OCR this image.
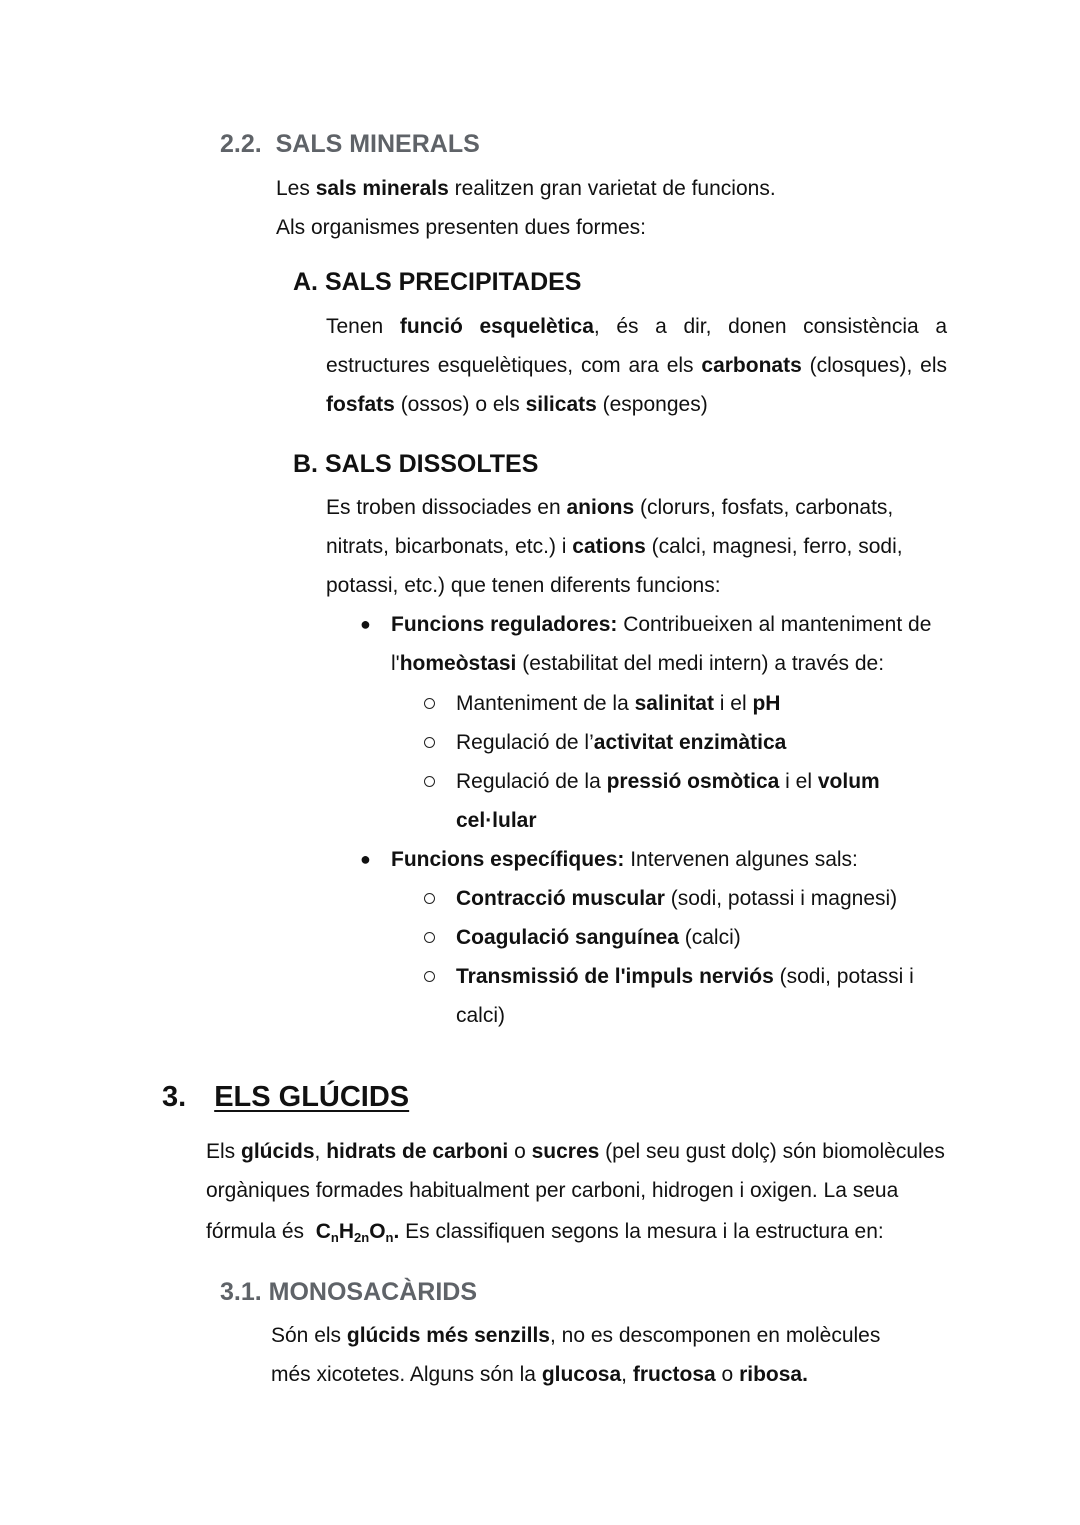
2.2. SALS MINERALS
Les sals minerals realitzen gran varietat de funcions.
Als organismes presenten dues formes:
A. SALS PRECIPITADES
Tenen funció esquelètica, és a dir, donen consistència a estructures esquelètiques, com ara els carbonats (closques), els fosfats (ossos) o els silicats (esponges)
B. SALS DISSOLTES
Es troben dissociades en anions (clorurs, fosfats, carbonats,
nitrats, bicarbonats, etc.) i cations (calci, magnesi, ferro, sodi,
potassi, etc.) que tenen diferents funcions:
● Funcions reguladores: Contribueixen al manteniment de
l'homeòstasi (estabilitat del medi intern) a través de:
Manteniment de la salinitat i el pH
Regulació de l’activitat enzimàtica
Regulació de la pressió osmòtica i el volum
cel·lular
● Funcions específiques: Intervenen algunes sals:
Contracció muscular (sodi, potassi i magnesi)
Coagulació sanguínea (calci)
Transmissió de l'impuls nerviós (sodi, potassi i
calci)
3. ELS GLÚCIDS
Els glúcids, hidrats de carboni o sucres (pel seu gust dolç) són biomolècules
orgàniques formades habitualment per carboni, hidrogen i oxigen. La seua
fórmula és  $C_nH_{2n}O_n$. Es classifiquen segons la mesura i la estructura en:
3.1. MONOSACÀRIDS
Són els glúcids més senzills, no es descomponen en molècules
més xicotetes. Alguns són la glucosa, fructosa o ribosa.
